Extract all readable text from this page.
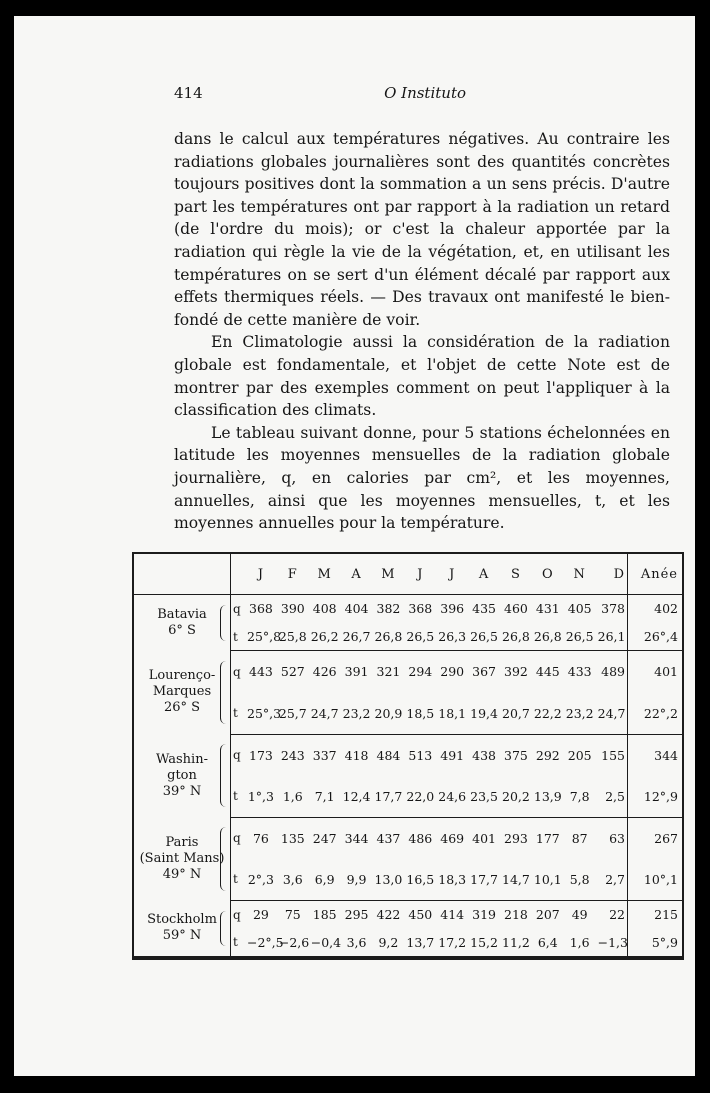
414	O Instituto

dans le calcul aux températures négatives. Au contraire les radiations globales journalières sont des quantités concrètes toujours positives dont la sommation a un sens précis. D'autre part les températures ont par rapport à la radiation un retard (de l'ordre du mois); or c'est la chaleur apportée par la radiation qui règle la vie de la végétation, et, en utilisant les températures on se sert d'un élément décalé par rapport aux effets thermiques réels. — Des travaux ont manifesté le bien-fondé de cette manière de voir.

En Climatologie aussi la considération de la radiation globale est fondamentale, et l'objet de cette Note est de montrer par des exemples comment on peut l'appliquer à la classification des climats.

Le tableau suivant donne, pour 5 stations échelonnées en latitude les moyennes mensuelles de la radiation globale journalière, q, en calories par cm², et les moyennes, annuelles, ainsi que les moyennes mensuelles, t, et les moyennes annuelles pour la température.

		J	F	M	A	M	J	J	A	S	O	N	D	Anée

Batavia
6° S	q	368	390	408	404	382	368	396	435	460	431	405	378	402
	t	25°,8	25,8	26,2	26,7	26,8	26,5	26,3	26,5	26,8	26,8	26,5	26,1	26°,4

Lourenço-
Marques
26° S	q	443	527	426	391	321	294	290	367	392	445	433	489	401
	t	25°,3	25,7	24,7	23,2	20,9	18,5	18,1	19,4	20,7	22,2	23,2	24,7	22°,2

Washin-
gton
39° N	q	173	243	337	418	484	513	491	438	375	292	205	155	344
	t	1°,3	1,6	7,1	12,4	17,7	22,0	24,6	23,5	20,2	13,9	7,8	2,5	12°,9

Paris
(Saint Mans)
49° N	q	76	135	247	344	437	486	469	401	293	177	87	63	267
	t	2°,3	3,6	6,9	9,9	13,0	16,5	18,3	17,7	14,7	10,1	5,8	2,7	10°,1

Stockholm
59° N	q	29	75	185	295	422	450	414	319	218	207	49	22	215
	t	−2°,5	−2,6	−0,4	3,6	9,2	13,7	17,2	15,2	11,2	6,4	1,6	−1,3	5°,9
